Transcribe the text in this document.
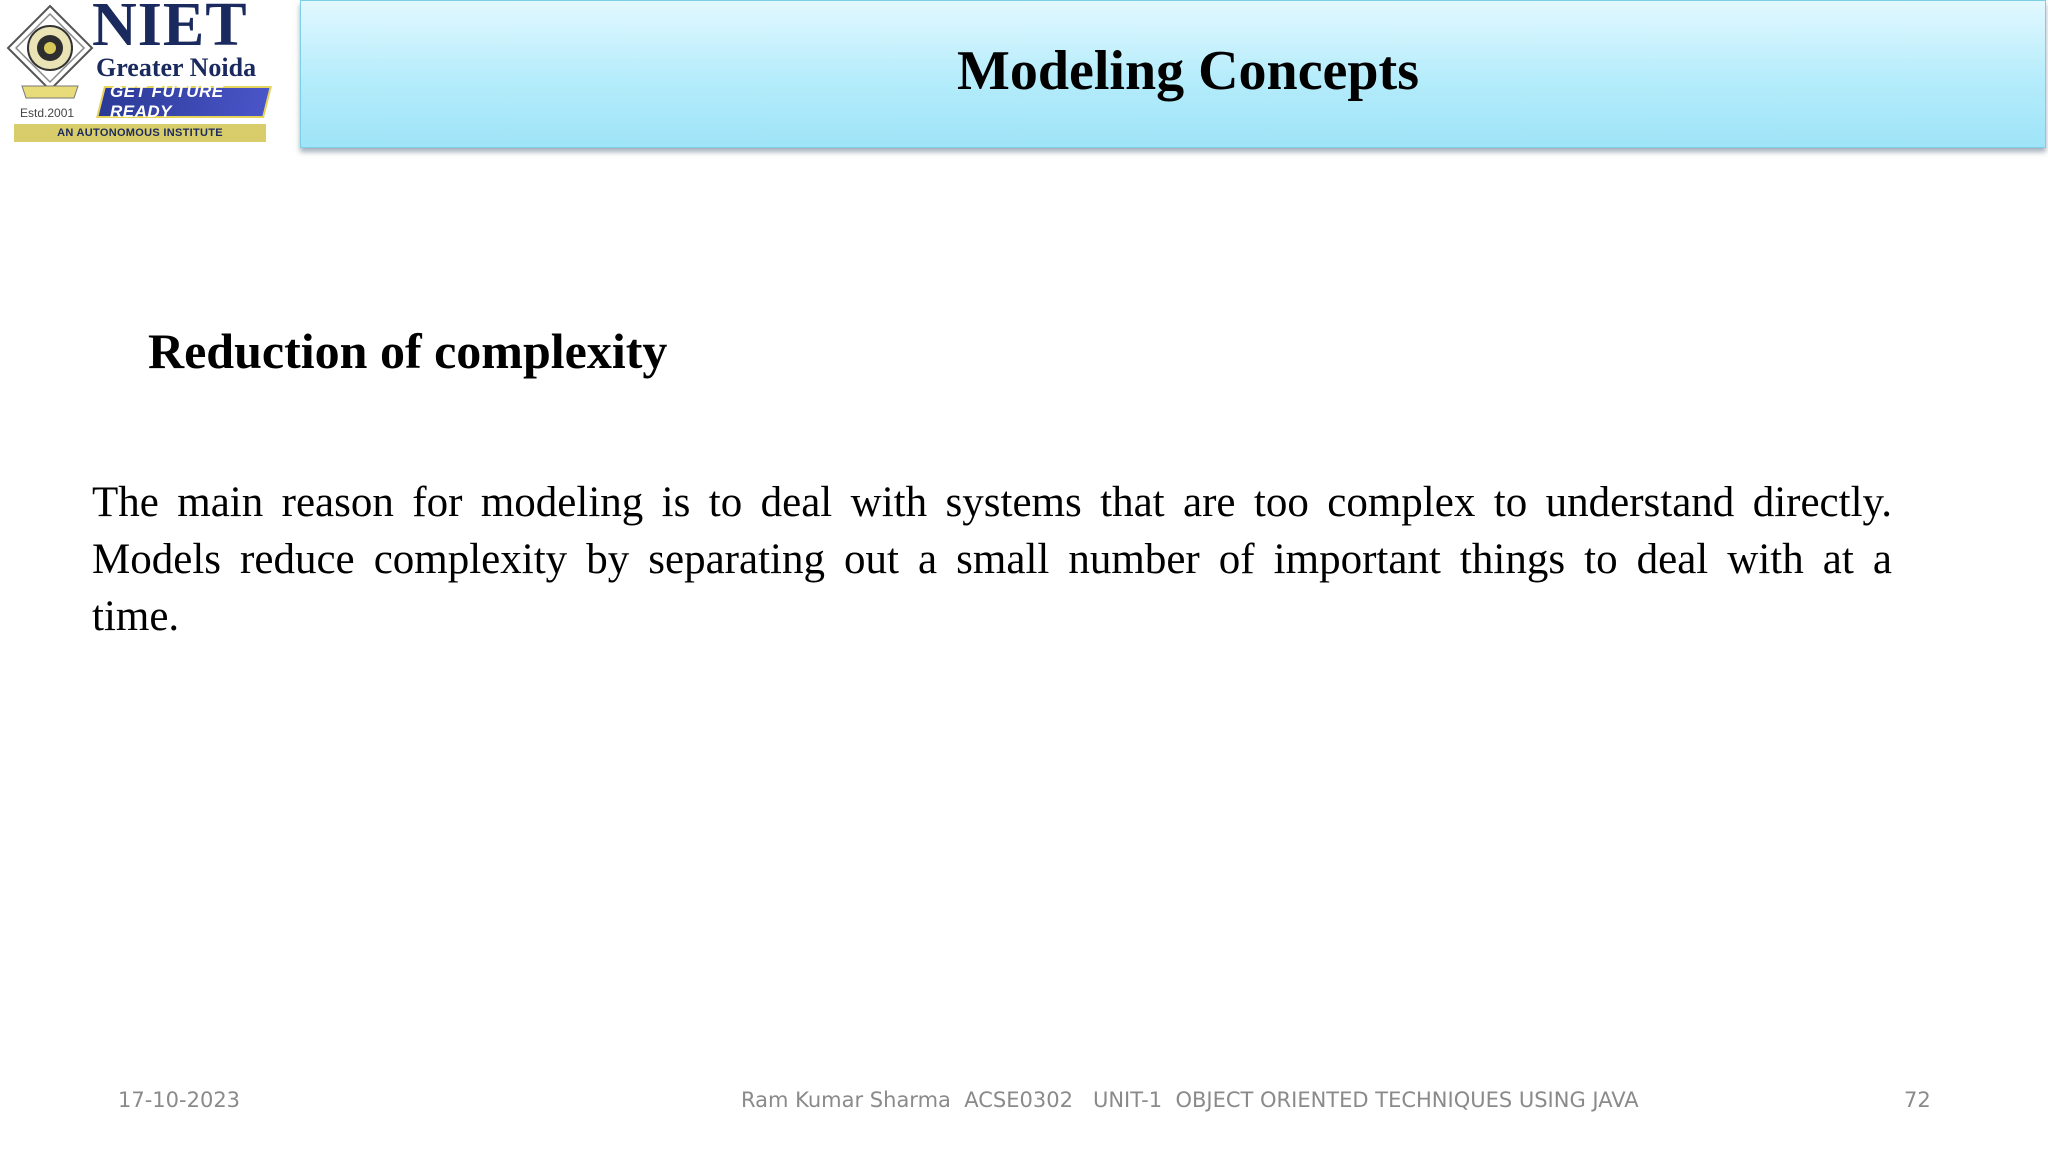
NIET
Greater Noida
GET FUTURE READY
Estd.2001
AN AUTONOMOUS INSTITUTE
Modeling Concepts
Reduction of complexity

The main reason for modeling is to deal with systems that are too complex to understand directly. Models reduce complexity by separating out a small number of important things to deal with at a time.

17-10-2023	Ram Kumar Sharma  ACSE0302   UNIT-1  OBJECT ORIENTED TECHNIQUES USING JAVA	72
